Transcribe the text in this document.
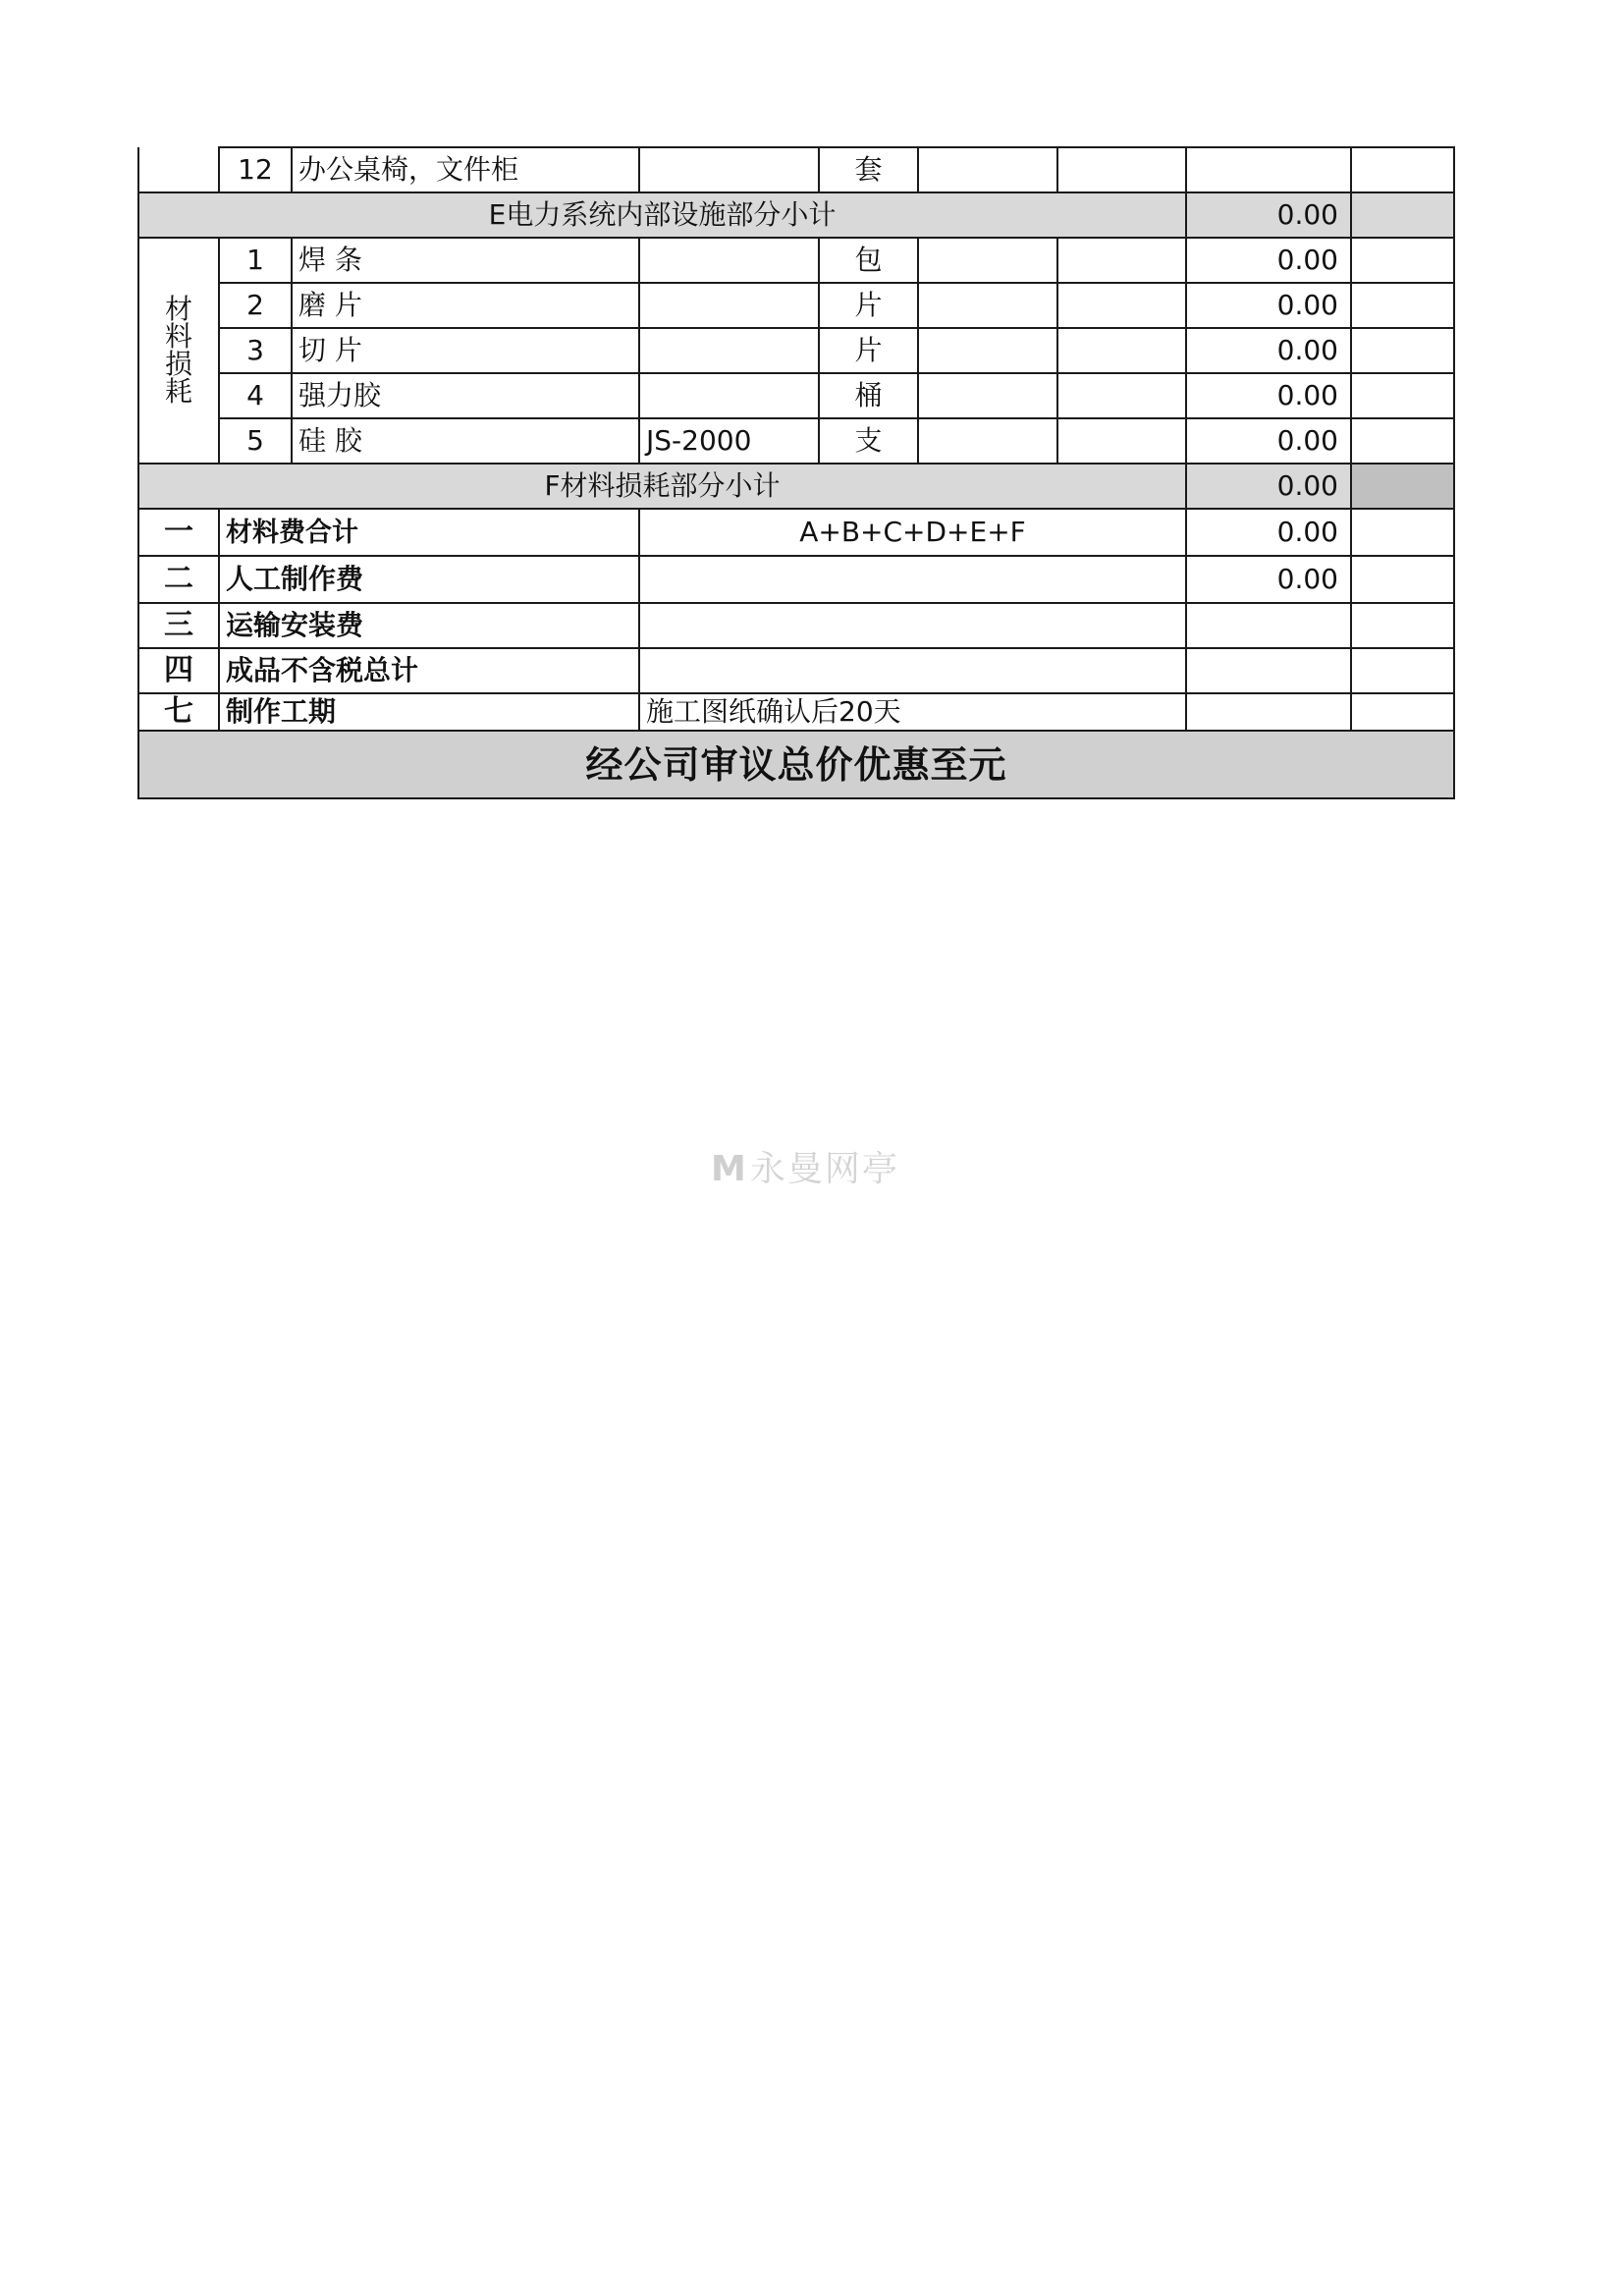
	12	办公桌椅，文件柜		套				
E电力系统内部设施部分小计							0.00	

材
料
损
耗	1	焊 条		包			0.00	
	2	磨 片		片			0.00	
	3	切 片		片			0.00	
	4	强力胶		桶			0.00	
	5	硅 胶	JS-2000	支			0.00	
F材料损耗部分小计							0.00	
一	材料费合计		A+B+C+D+E+F				0.00	
二	人工制作费						0.00	
三	运输安装费							
四	成品不含税总计							
七	制作工期		施工图纸确认后20天					
经公司审议总价优惠至元								
M永曼网亭
